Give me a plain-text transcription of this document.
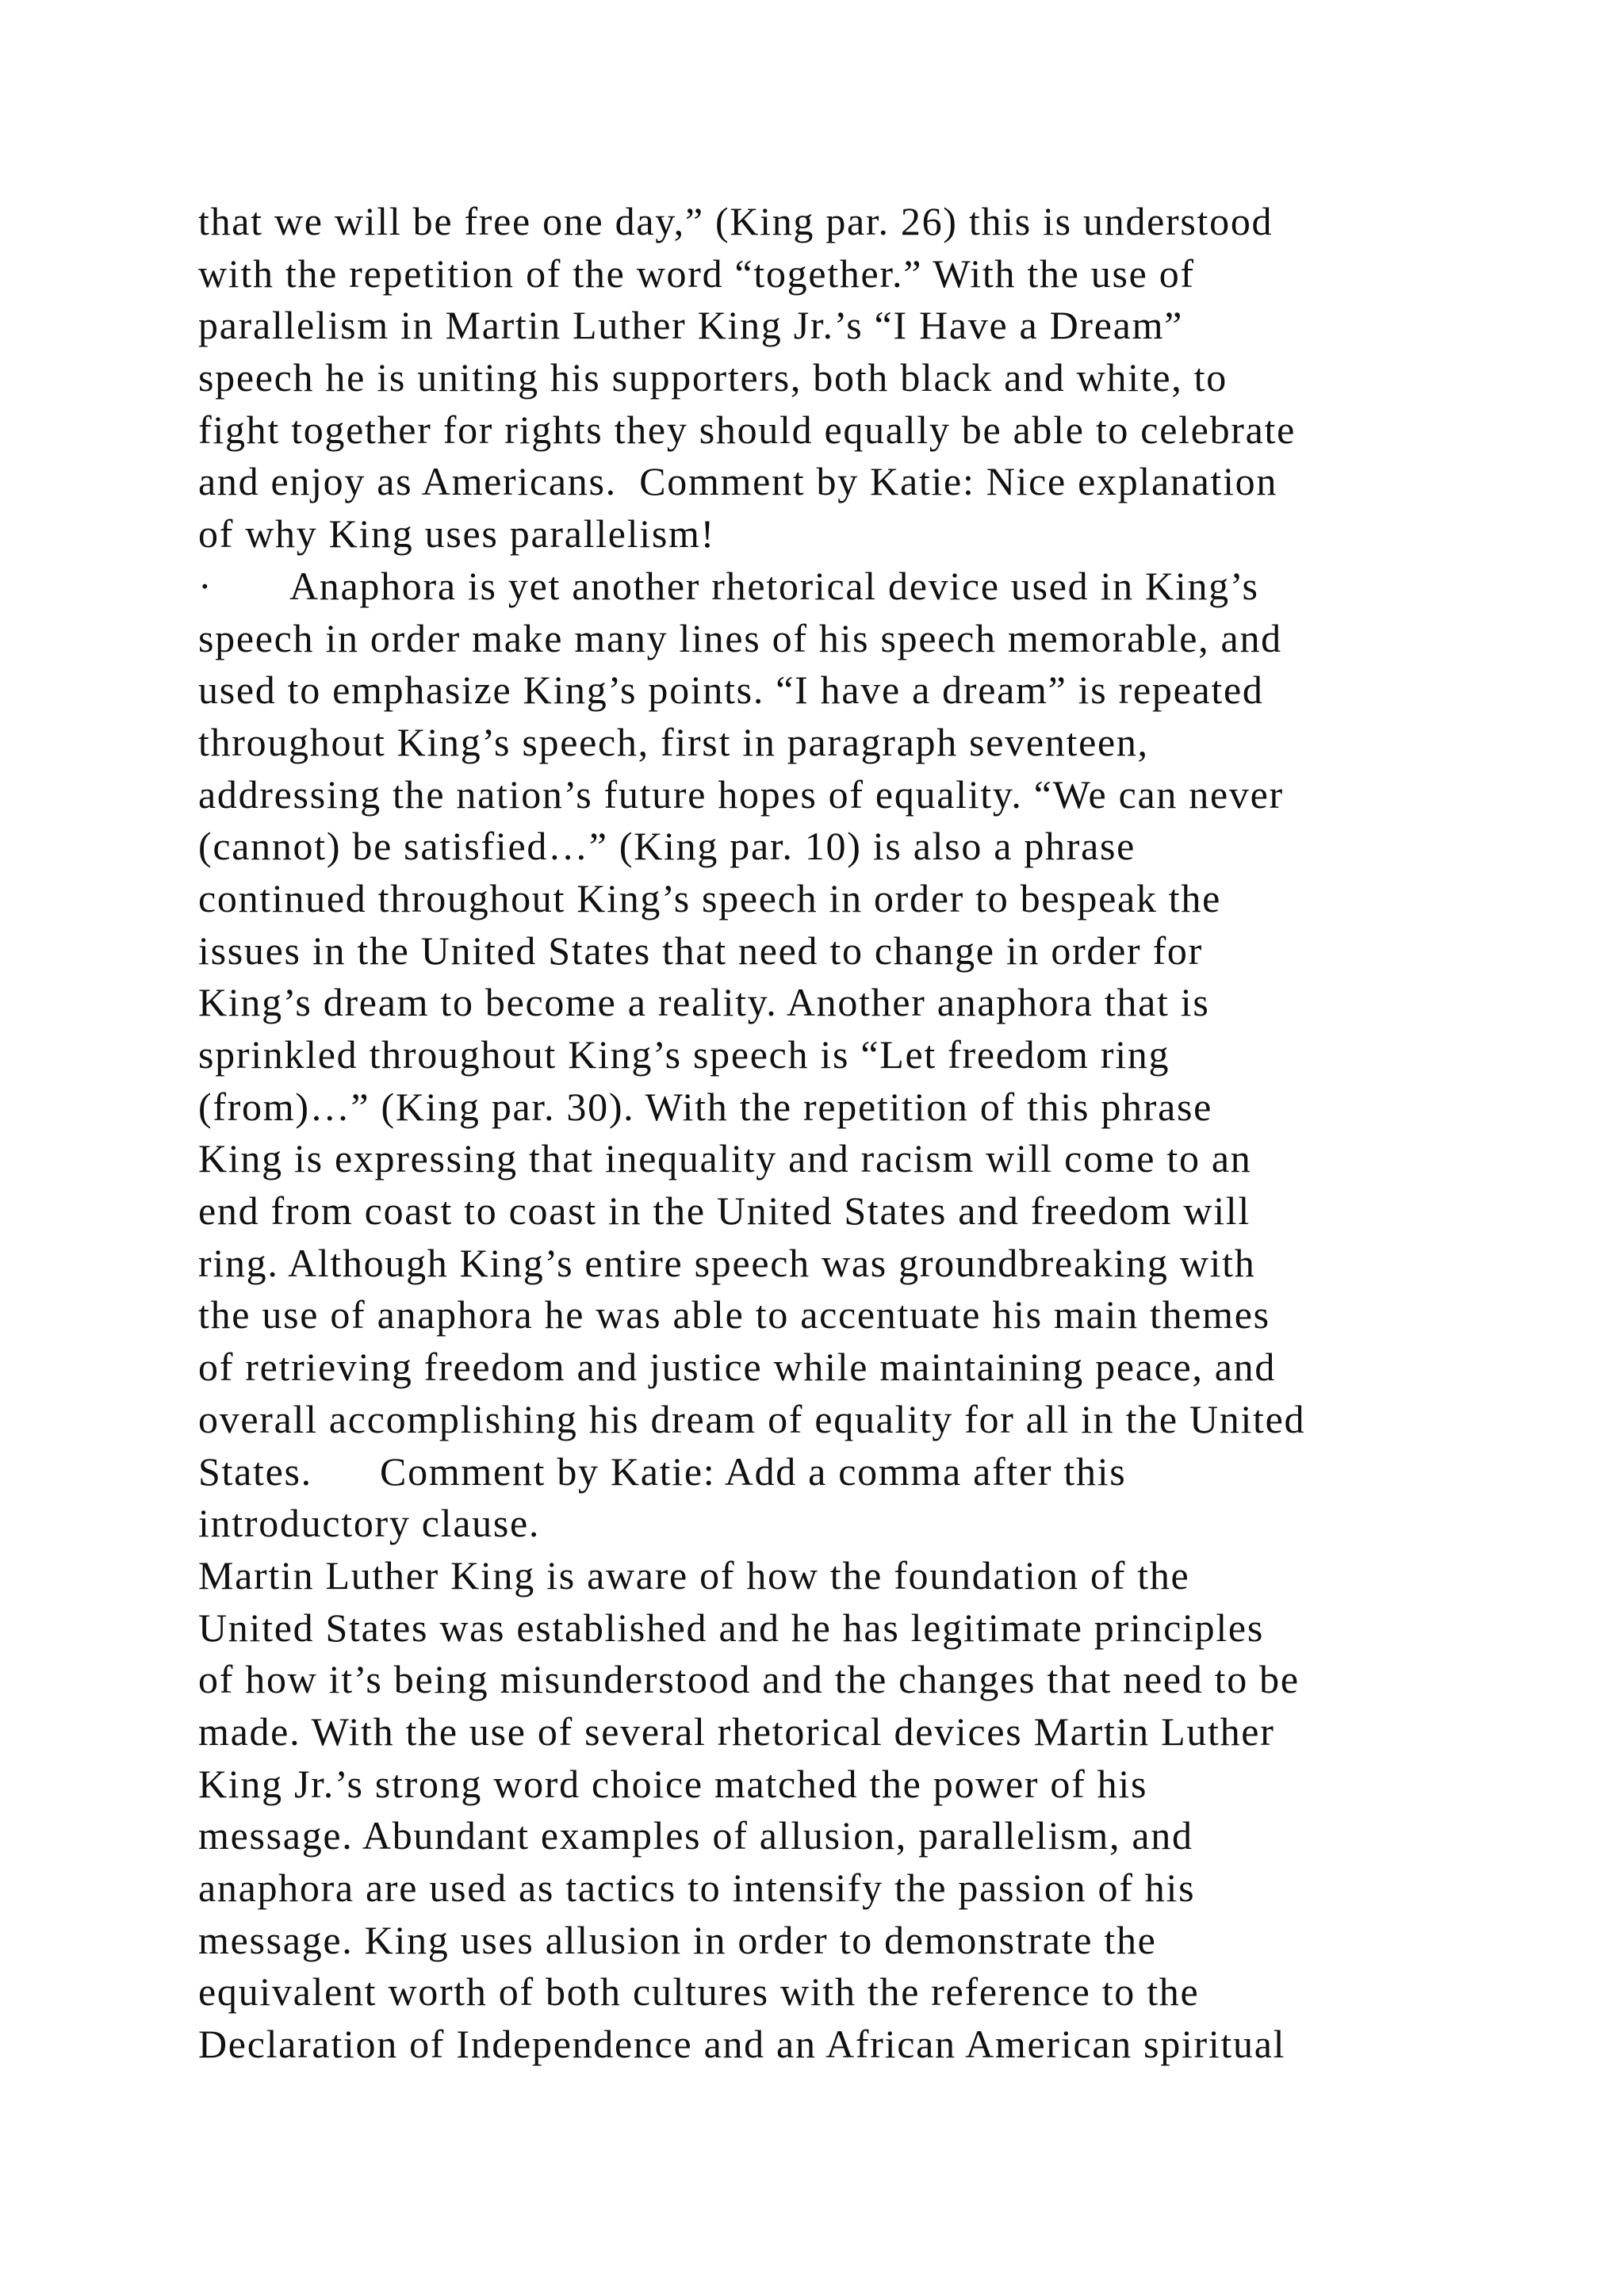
that we will be free one day,” (King par. 26) this is understood
with the repetition of the word “together.” With the use of
parallelism in Martin Luther King Jr.’s “I Have a Dream”
speech he is uniting his supporters, both black and white, to
fight together for rights they should equally be able to celebrate
and enjoy as Americans.  Comment by Katie: Nice explanation
of why King uses parallelism!
·       Anaphora is yet another rhetorical device used in King’s
speech in order make many lines of his speech memorable, and
used to emphasize King’s points. “I have a dream” is repeated
throughout King’s speech, first in paragraph seventeen,
addressing the nation’s future hopes of equality. “We can never
(cannot) be satisfied…” (King par. 10) is also a phrase
continued throughout King’s speech in order to bespeak the
issues in the United States that need to change in order for
King’s dream to become a reality. Another anaphora that is
sprinkled throughout King’s speech is “Let freedom ring
(from)…” (King par. 30). With the repetition of this phrase
King is expressing that inequality and racism will come to an
end from coast to coast in the United States and freedom will
ring. Although King’s entire speech was groundbreaking with
the use of anaphora he was able to accentuate his main themes
of retrieving freedom and justice while maintaining peace, and
overall accomplishing his dream of equality for all in the United
States.      Comment by Katie: Add a comma after this
introductory clause.
Martin Luther King is aware of how the foundation of the
United States was established and he has legitimate principles
of how it’s being misunderstood and the changes that need to be
made. With the use of several rhetorical devices Martin Luther
King Jr.’s strong word choice matched the power of his
message. Abundant examples of allusion, parallelism, and
anaphora are used as tactics to intensify the passion of his
message. King uses allusion in order to demonstrate the
equivalent worth of both cultures with the reference to the
Declaration of Independence and an African American spiritual
